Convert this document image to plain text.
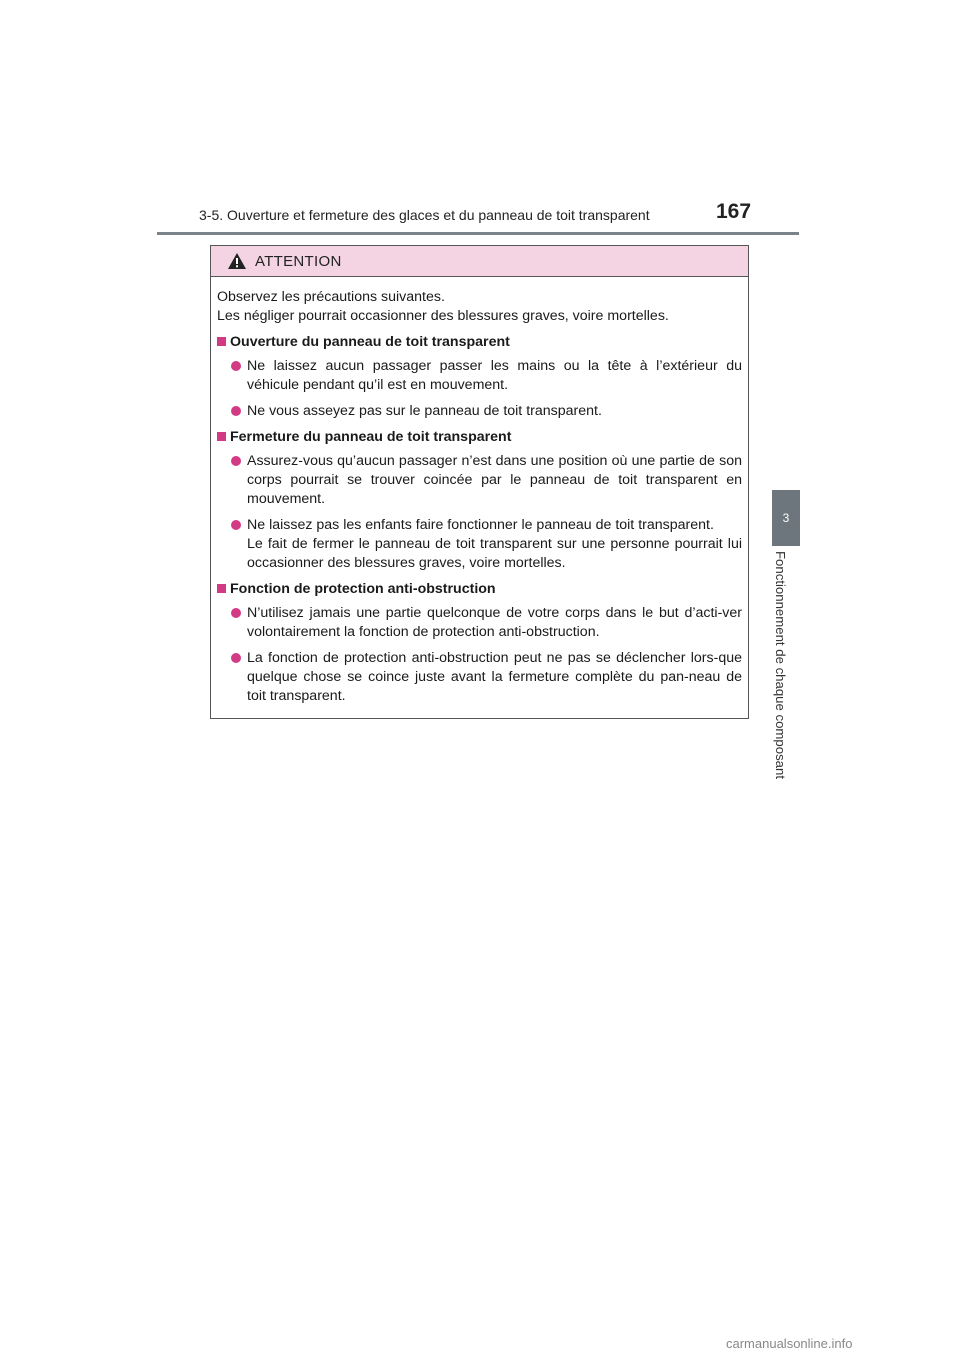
3-5. Ouverture et fermeture des glaces et du panneau de toit transparent	167
3
Fonctionnement de chaque composant
ATTENTION

Observez les précautions suivantes.

Les négliger pourrait occasionner des blessures graves, voire mortelles.

Ouverture du panneau de toit transparent

Ne laissez aucun passager passer les mains ou la tête à l’extérieur du véhicule pendant qu’il est en mouvement.

Ne vous asseyez pas sur le panneau de toit transparent.

Fermeture du panneau de toit transparent

Assurez-vous qu’aucun passager n’est dans une position où une partie de son corps pourrait se trouver coincée par le panneau de toit transparent en mouvement.

Ne laissez pas les enfants faire fonctionner le panneau de toit transparent.

Le fait de fermer le panneau de toit transparent sur une personne pourrait lui occasionner des blessures graves, voire mortelles.

Fonction de protection anti-obstruction

N’utilisez jamais une partie quelconque de votre corps dans le but d’acti-ver volontairement la fonction de protection anti-obstruction.

La fonction de protection anti-obstruction peut ne pas se déclencher lors-que quelque chose se coince juste avant la fermeture complète du pan-neau de toit transparent.

carmanualsonline.info
